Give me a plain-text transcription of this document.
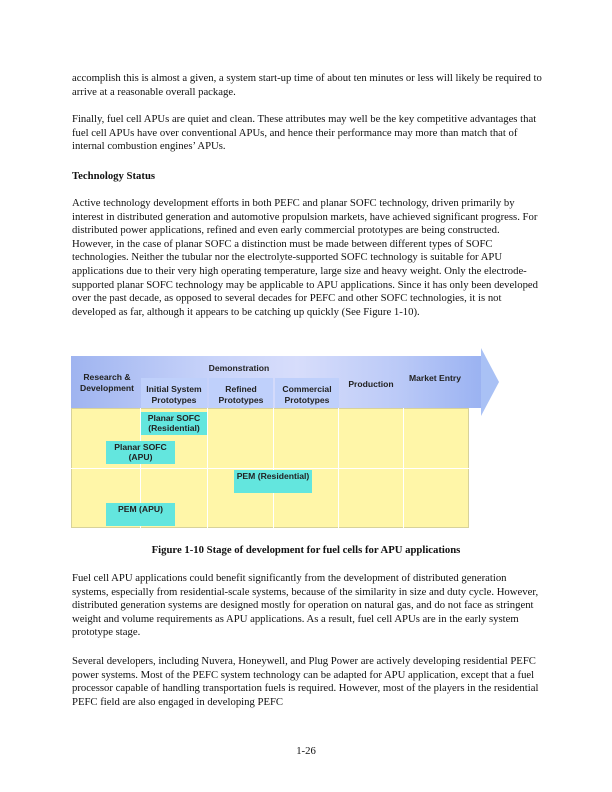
accomplish this is almost a given, a system start-up time of about ten minutes or less will likely be required to arrive at a reasonable overall package.

Finally, fuel cell APUs are quiet and clean. These attributes may well be the key competitive advantages that fuel cell APUs have over conventional APUs, and hence their performance may more than match that of internal combustion engines’ APUs.

Technology Status

Active technology development efforts in both PEFC and planar SOFC technology, driven primarily by interest in distributed generation and automotive propulsion markets, have achieved significant progress. For distributed power applications, refined and even early commercial prototypes are being constructed. However, in the case of planar SOFC a distinction must be made between different types of SOFC technologies. Neither the tubular nor the electrolyte-supported SOFC technology is suitable for APU applications due to their very high operating temperature, large size and heavy weight. Only the electrode-supported planar SOFC technology may be applicable to APU applications. Since it has only been developed over the past decade, as opposed to several decades for PEFC and other SOFC technologies, it is not developed as far, although it appears to be catching up quickly (See Figure 1-10).

Research & Development
Demonstration
Initial System Prototypes
Refined Prototypes
Commercial Prototypes
Production
Market Entry
Planar SOFC (Residential)
Planar SOFC (APU)
PEM (Residential)
PEM (APU)

Figure 1-10 Stage of development for fuel cells for APU applications

Fuel cell APU applications could benefit significantly from the development of distributed generation systems, especially from residential-scale systems, because of the similarity in size and duty cycle. However, distributed generation systems are designed mostly for operation on natural gas, and do not face as stringent weight and volume requirements as APU applications. As a result, fuel cell APUs are in the early system prototype stage.

Several developers, including Nuvera, Honeywell, and Plug Power are actively developing residential PEFC power systems. Most of the PEFC system technology can be adapted for APU application, except that a fuel processor capable of handling transportation fuels is required. However, most of the players in the residential PEFC field are also engaged in developing PEFC

1-26
